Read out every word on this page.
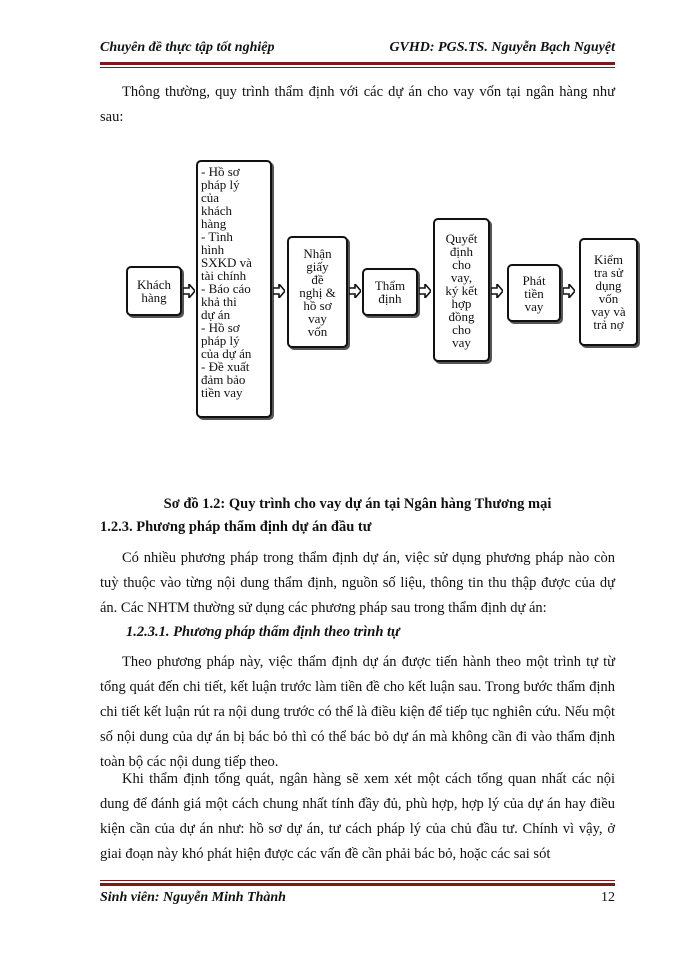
Chuyên đề thực tập tốt nghiệp	GVHD: PGS.TS. Nguyễn Bạch Nguyệt

Thông thường, quy trình thẩm định với các dự án cho vay vốn tại ngân hàng như sau:

Khách
hàng
- Hồ sơ
pháp lý
của
khách
hàng
- Tình
hình
SXKD và
tài chính
- Báo cáo
khả thi
dự án
- Hồ sơ
pháp lý
của dự án
- Đề xuất
đảm bảo
tiền vay
Nhận
giấy
đề
nghị &
hồ sơ
vay
vốn
Thẩm
định
Quyết
định
cho
vay,
ký kết
hợp
đồng
cho
vay
Phát
tiền
vay
Kiểm
tra sử
dụng
vốn
vay và
trả nợ
Sơ đồ 1.2: Quy trình cho vay dự án tại Ngân hàng Thương mại
1.2.3. Phương pháp thẩm định dự án đầu tư

Có nhiều phương pháp trong thẩm định dự án, việc sử dụng phương pháp nào còn tuỳ thuộc vào từng nội dung thẩm định, nguồn số liệu, thông tin thu thập được của dự án. Các NHTM thường sử dụng các phương pháp sau trong thẩm định dự án:

1.2.3.1. Phương pháp thẩm định theo trình tự

Theo phương pháp này, việc thẩm định dự án được tiến hành theo một trình tự từ tổng quát đến chi tiết, kết luận trước làm tiền đề cho kết luận sau. Trong bước thẩm định chi tiết kết luận rút ra nội dung trước có thể là điều kiện để tiếp tục nghiên cứu. Nếu một số nội dung của dự án bị bác bỏ thì có thể bác bỏ dự án mà không cần đi vào thẩm định toàn bộ các nội dung tiếp theo.

Khi thẩm định tổng quát, ngân hàng sẽ xem xét một cách tổng quan nhất các nội dung để đánh giá một cách chung nhất tính đầy đủ, phù hợp, hợp lý của dự án hay điều kiện cần của dự án như: hồ sơ dự án, tư cách pháp lý của chủ đầu tư. Chính vì vậy, ở giai đoạn này khó phát hiện được các vấn đề cần phải bác bỏ, hoặc các sai sót

Sinh viên: Nguyễn Minh Thành	12
